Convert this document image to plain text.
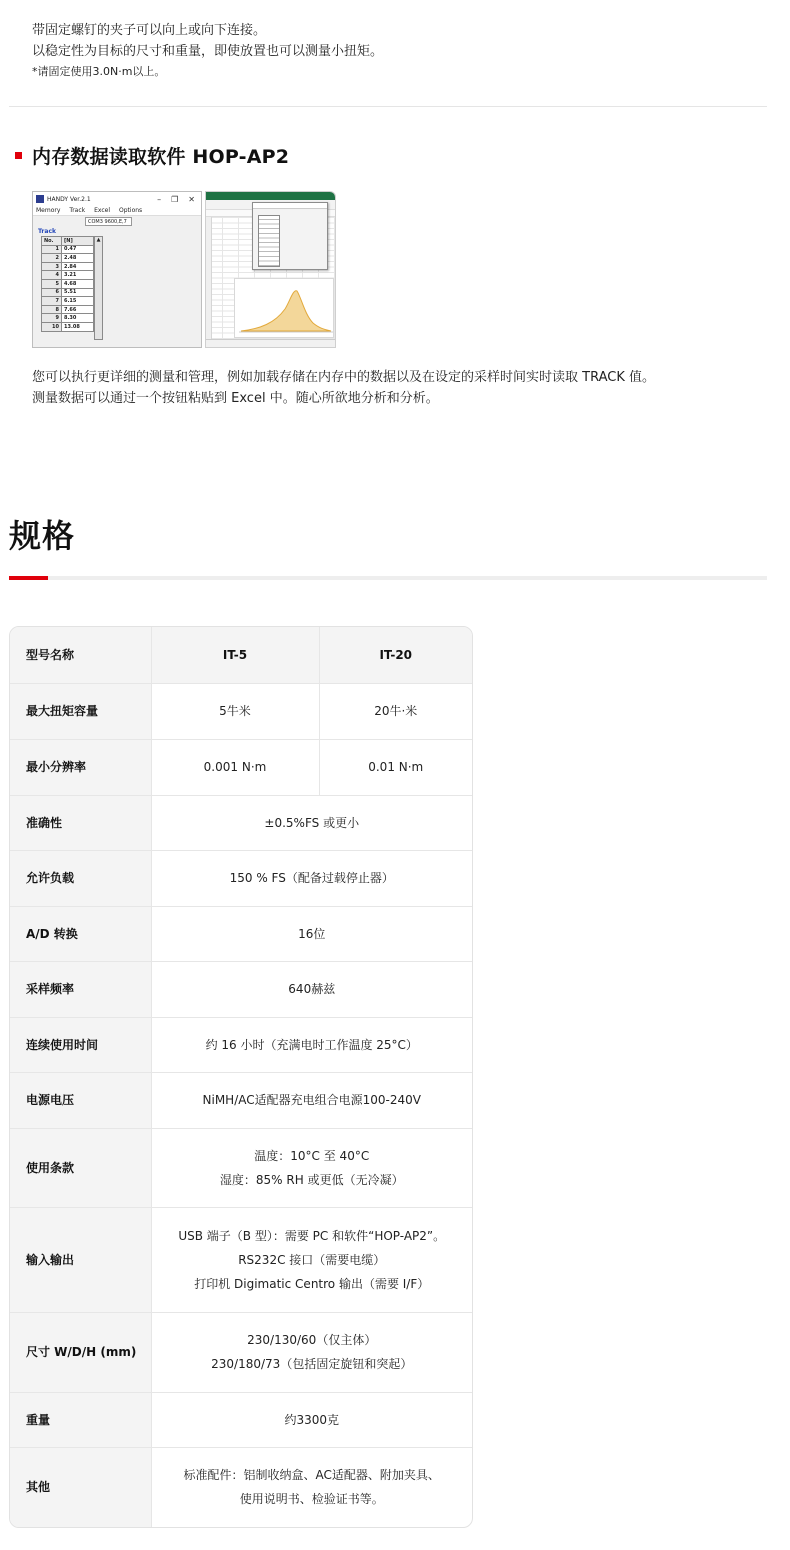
带固定螺钉的夹子可以向上或向下连接。

以稳定性为目标的尺寸和重量，即使放置也可以测量小扭矩。

*请固定使用3.0N·m以上。

内存数据读取软件 HOP-AP2
HANDY Ver.2.1	– ❐ ✕
Memory Track Excel Options
COM3 9600,E,7
Track
No.	[N]
1	0.47
2	2.48
3	2.84
4	3.21
5	4.68
6	5.51
7	6.15
8	7.66
9	8.30
10	13.08
▲

您可以执行更详细的测量和管理，例如加载存储在内存中的数据以及在设定的采样时间实时读取 TRACK 值。

测量数据可以通过一个按钮粘贴到 Excel 中。随心所欲地分析和分析。

规格
型号名称	IT-5	IT-20
最大扭矩容量	5牛米	20牛·米
最小分辨率	0.001 N·m	0.01 N·m
准确性	±0.5%FS 或更小	

允许负载	150 % FS（配备过载停止器）	

A/D 转换	16位	

采样频率	640赫兹	

连续使用时间	约 16 小时（充满电时工作温度 25°C）	

电源电压	NiMH/AC适配器充电组合电源100-240V	

使用条款	温度：10°C 至 40°C
湿度：85% RH 或更低（无冷凝）	

输入输出	USB 端子（B 型）：需要 PC 和软件“HOP-AP2”。
RS232C 接口（需要电缆）
打印机 Digimatic Centro 输出（需要 I/F）	

尺寸 W/D/H (mm)	230/130/60（仅主体）
230/180/73（包括固定旋钮和突起）	

重量	约3300克	

其他	标准配件：铝制收纳盒、AC适配器、附加夹具、
使用说明书、检验证书等。	
